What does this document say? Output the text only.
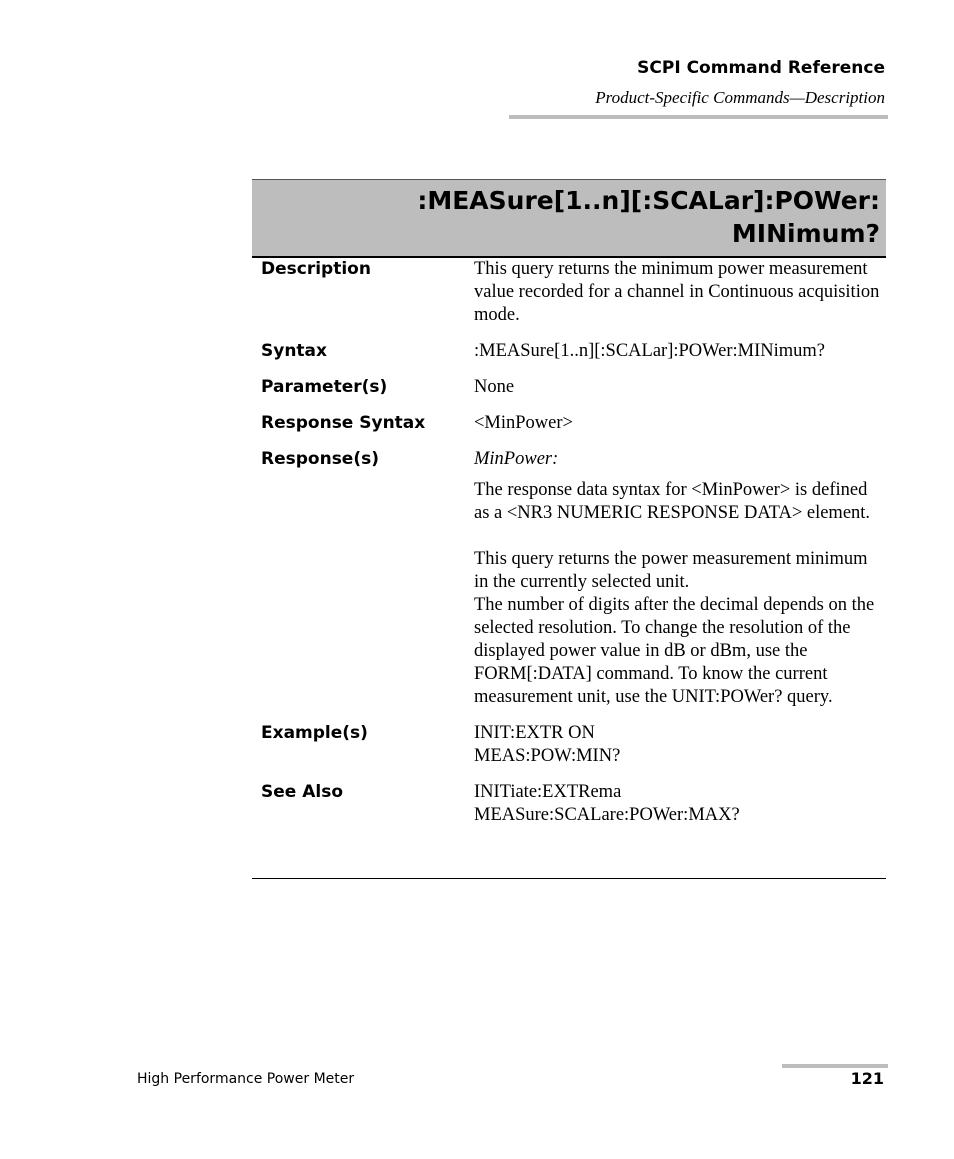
SCPI Command Reference
Product-Specific Commands—Description
:MEASure[1..n][:SCALar]:POWer:
MINimum?
Description	This query returns the minimum power measurement value recorded for a channel in Continuous acquisition mode.
Syntax	:MEASure[1..n][:SCALar]:POWer:MINimum?
Parameter(s)	None
Response Syntax	<MinPower>
Response(s)	MinPower:

The response data syntax for <MinPower> is defined as a <NR3 NUMERIC RESPONSE DATA> element.

This query returns the power measurement minimum in the currently selected unit.

The number of digits after the decimal depends on the selected resolution. To change the resolution of the displayed power value in dB or dBm, use the FORM[:DATA] command. To know the current measurement unit, use the UNIT:POWer? query.

Example(s)	INIT:EXTR ON
MEAS:POW:MIN?

See Also	INITiate:EXTRema
MEASure:SCALare:POWer:MAX?
High Performance Power Meter	121
